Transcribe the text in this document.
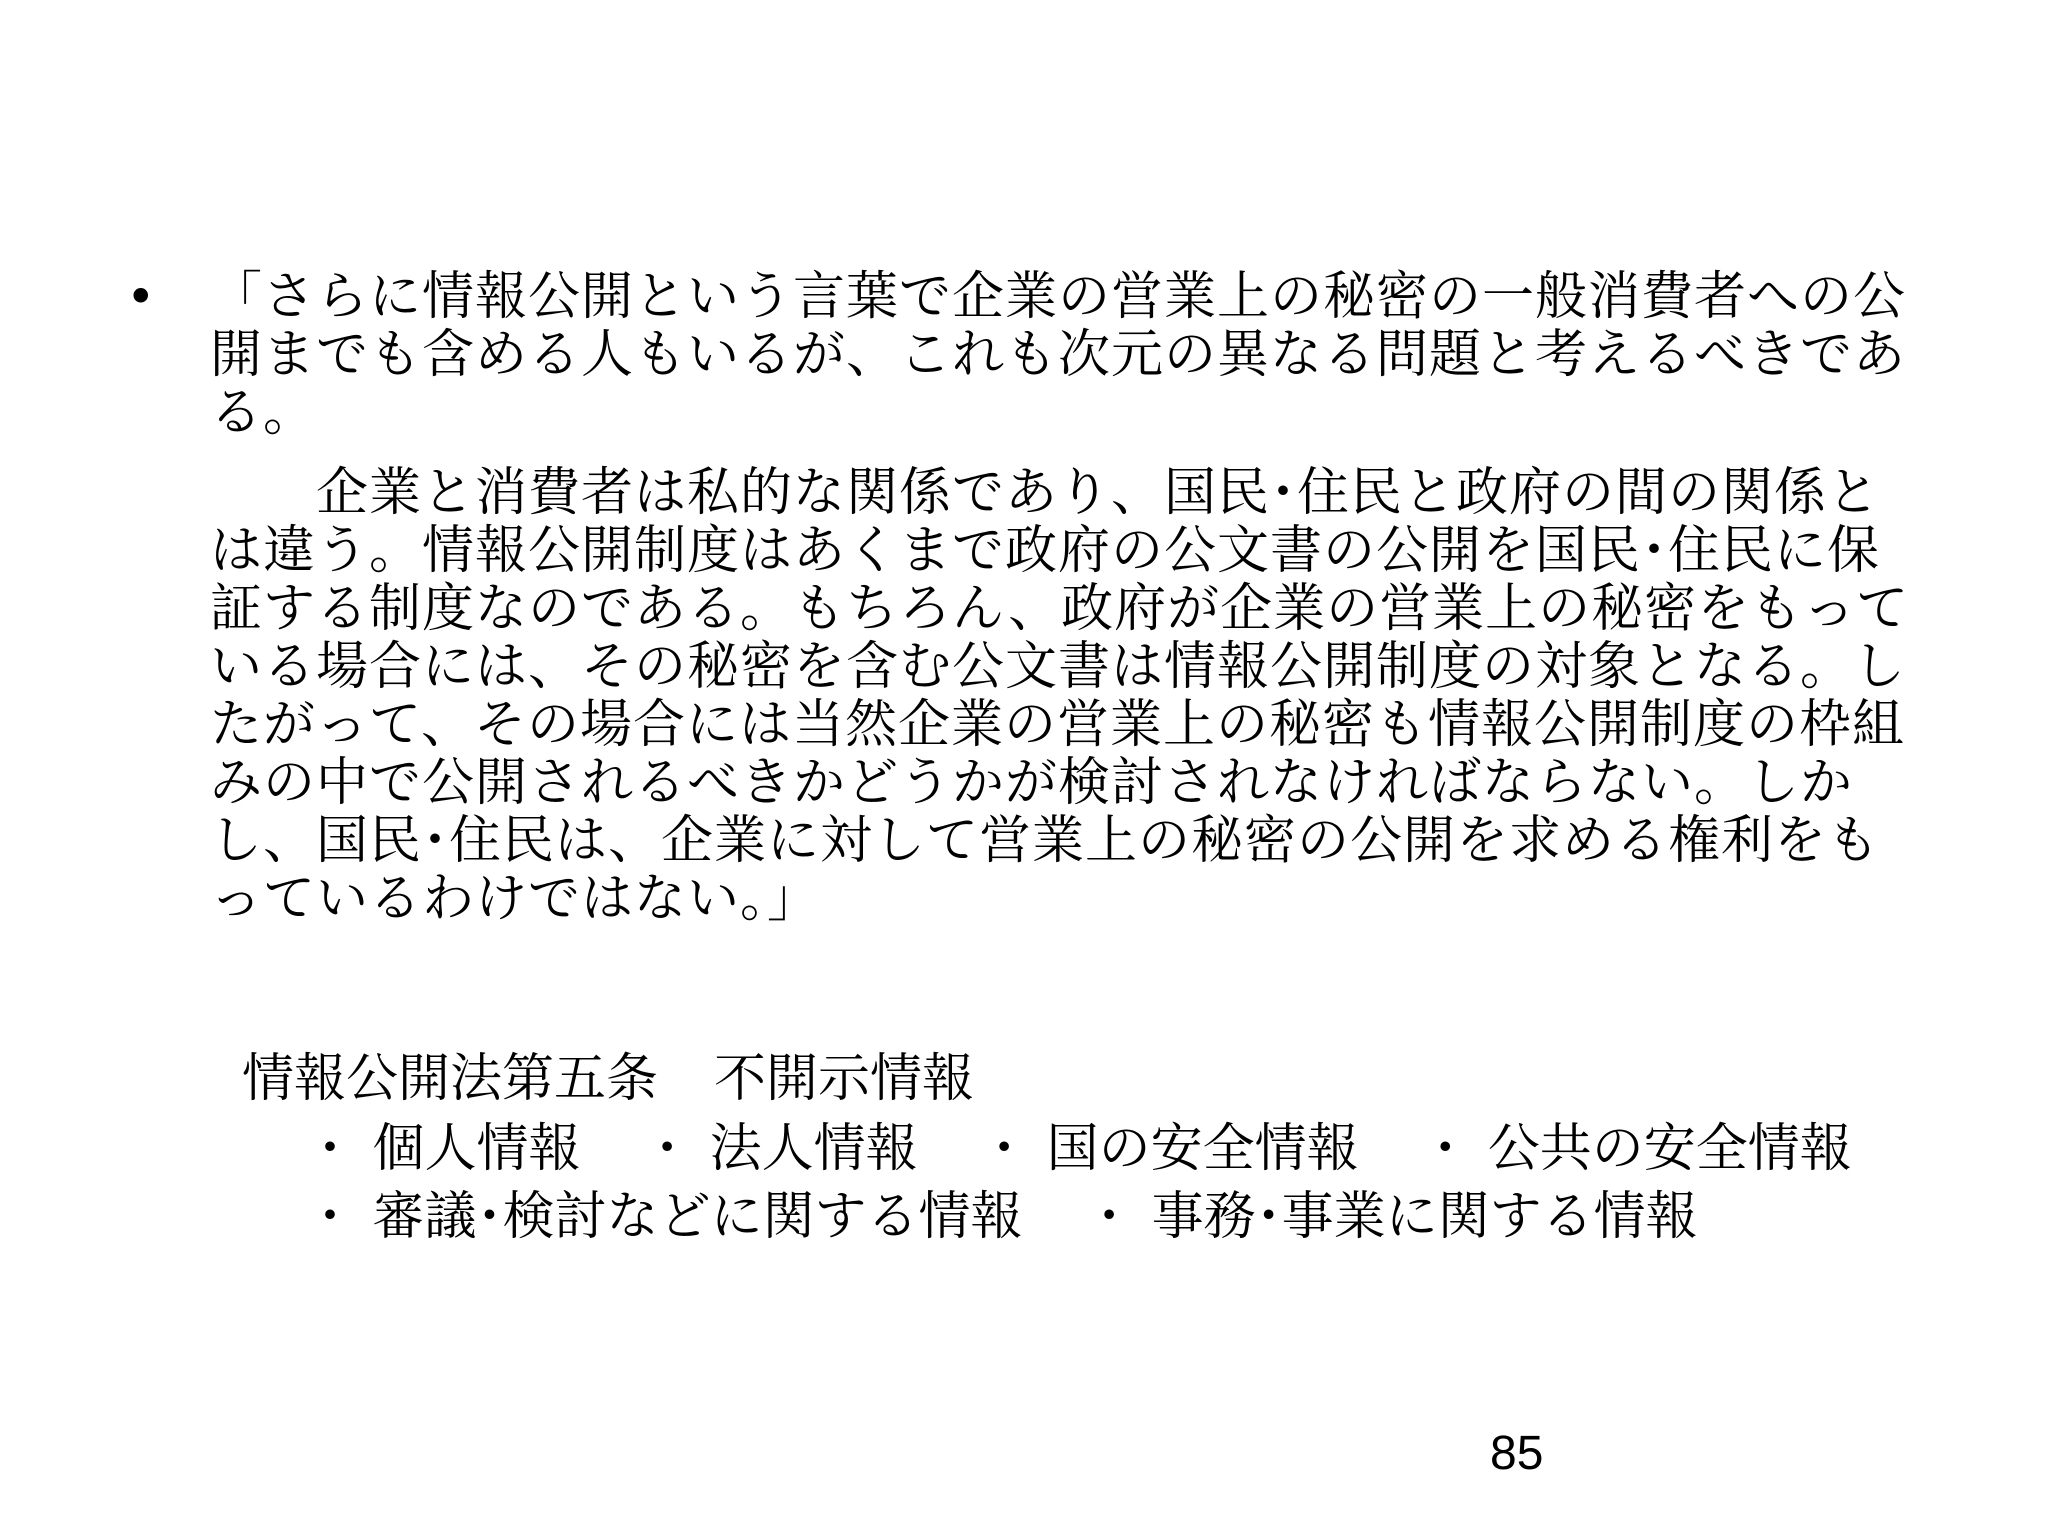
• 「さらに情報公開という言葉で企業の営業上の秘密の一般消費者への公開までも含める人もいるが、これも次元の異なる問題と考えるべきである。

　　企業と消費者は私的な関係であり、国民･住民と政府の間の関係とは違う。情報公開制度はあくまで政府の公文書の公開を国民･住民に保証する制度なのである。もちろん、政府が企業の営業上の秘密をもっている場合には、その秘密を含む公文書は情報公開制度の対象となる。したがって、その場合には当然企業の営業上の秘密も情報公開制度の枠組みの中で公開されるべきかどうかが検討されなければならない。しかし、国民･住民は、企業に対して営業上の秘密の公開を求める権利をもっているわけではない。」

情報公開法第五条 不開示情報
・ 個人情報 ・ 法人情報 ・ 国の安全情報 ・ 公共の安全情報
・ 審議･検討などに関する情報 ・ 事務･事業に関する情報
85
